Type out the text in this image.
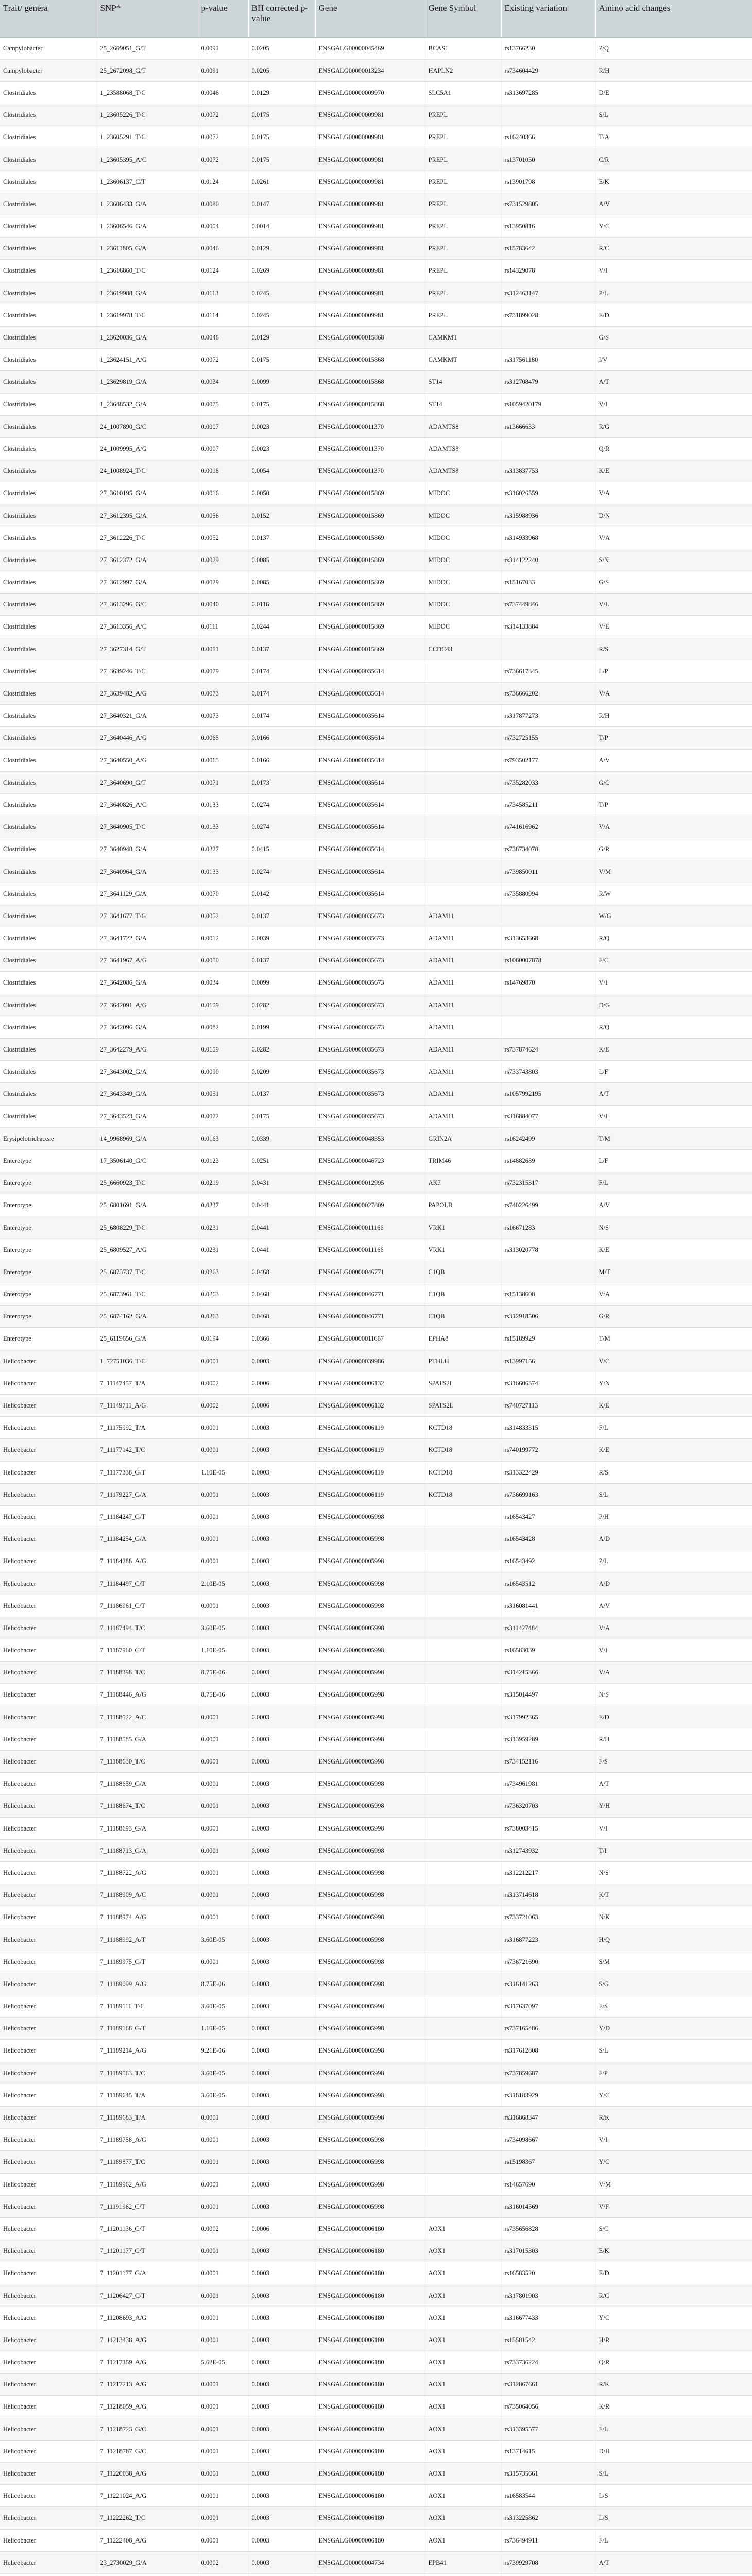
Trait/ genera	SNP*	p-value	BH corrected p-value	Gene	Gene Symbol	Existing variation	Amino acid changes
Campylobacter	25_2669051_G/T	0.0091	0.0205	ENSGALG00000045469	BCAS1	rs13766230	P/Q
Campylobacter	25_2672098_G/T	0.0091	0.0205	ENSGALG00000013234	HAPLN2	rs734604429	R/H
Clostridiales	1_23588068_T/C	0.0046	0.0129	ENSGALG00000009970	SLC5A1	rs313697285	D/E
Clostridiales	1_23605226_T/C	0.0072	0.0175	ENSGALG00000009981	PREPL		S/L
Clostridiales	1_23605291_T/C	0.0072	0.0175	ENSGALG00000009981	PREPL	rs16240366	T/A
Clostridiales	1_23605395_A/C	0.0072	0.0175	ENSGALG00000009981	PREPL	rs13701050	C/R
Clostridiales	1_23606137_C/T	0.0124	0.0261	ENSGALG00000009981	PREPL	rs13901798	E/K
Clostridiales	1_23606433_G/A	0.0080	0.0147	ENSGALG00000009981	PREPL	rs731529805	A/V
Clostridiales	1_23606546_G/A	0.0004	0.0014	ENSGALG00000009981	PREPL	rs13950816	Y/C
Clostridiales	1_23611805_G/A	0.0046	0.0129	ENSGALG00000009981	PREPL	rs15783642	R/C
Clostridiales	1_23616860_T/C	0.0124	0.0269	ENSGALG00000009981	PREPL	rs14329078	V/I
Clostridiales	1_23619988_G/A	0.0113	0.0245	ENSGALG00000009981	PREPL	rs312463147	P/L
Clostridiales	1_23619978_T/C	0.0114	0.0245	ENSGALG00000009981	PREPL	rs731899028	E/D
Clostridiales	1_23620036_G/A	0.0046	0.0129	ENSGALG00000015868	CAMKMT		G/S
Clostridiales	1_23624151_A/G	0.0072	0.0175	ENSGALG00000015868	CAMKMT	rs317561180	I/V
Clostridiales	1_23629819_G/A	0.0034	0.0099	ENSGALG00000015868	ST14	rs312708479	A/T
Clostridiales	1_23648532_G/A	0.0075	0.0175	ENSGALG00000015868	ST14	rs1059420179	V/I
Clostridiales	24_1007890_G/C	0.0007	0.0023	ENSGALG00000011370	ADAMTS8	rs13666633	R/G
Clostridiales	24_1009995_A/G	0.0007	0.0023	ENSGALG00000011370	ADAMTS8		Q/R
Clostridiales	24_1008924_T/C	0.0018	0.0054	ENSGALG00000011370	ADAMTS8	rs313837753	K/E
Clostridiales	27_3610195_G/A	0.0016	0.0050	ENSGALG00000015869	MIDOC	rs316026559	V/A
Clostridiales	27_3612395_G/A	0.0056	0.0152	ENSGALG00000015869	MIDOC	rs315988936	D/N
Clostridiales	27_3612226_T/C	0.0052	0.0137	ENSGALG00000015869	MIDOC	rs314933968	V/A
Clostridiales	27_3612372_G/A	0.0029	0.0085	ENSGALG00000015869	MIDOC	rs314122240	S/N
Clostridiales	27_3612997_G/A	0.0029	0.0085	ENSGALG00000015869	MIDOC	rs15167033	G/S
Clostridiales	27_3613296_G/C	0.0040	0.0116	ENSGALG00000015869	MIDOC	rs737449846	V/L
Clostridiales	27_3613356_A/C	0.0111	0.0244	ENSGALG00000015869	MIDOC	rs314133884	V/E
Clostridiales	27_3627314_G/T	0.0051	0.0137	ENSGALG00000015869	CCDC43		R/S
Clostridiales	27_3639246_T/C	0.0079	0.0174	ENSGALG00000035614		rs736617345	L/P
Clostridiales	27_3639482_A/G	0.0073	0.0174	ENSGALG00000035614		rs736666202	V/A
Clostridiales	27_3640321_G/A	0.0073	0.0174	ENSGALG00000035614		rs317877273	R/H
Clostridiales	27_3640446_A/G	0.0065	0.0166	ENSGALG00000035614		rs732725155	T/P
Clostridiales	27_3640550_A/G	0.0065	0.0166	ENSGALG00000035614		rs793502177	A/V
Clostridiales	27_3640690_G/T	0.0071	0.0173	ENSGALG00000035614		rs735282033	G/C
Clostridiales	27_3640826_A/C	0.0133	0.0274	ENSGALG00000035614		rs734585211	T/P
Clostridiales	27_3640905_T/C	0.0133	0.0274	ENSGALG00000035614		rs741616962	V/A
Clostridiales	27_3640948_G/A	0.0227	0.0415	ENSGALG00000035614		rs738734078	G/R
Clostridiales	27_3640964_G/A	0.0133	0.0274	ENSGALG00000035614		rs739850011	V/M
Clostridiales	27_3641129_G/A	0.0070	0.0142	ENSGALG00000035614		rs735880994	R/W
Clostridiales	27_3641677_T/G	0.0052	0.0137	ENSGALG00000035673	ADAM11		W/G
Clostridiales	27_3641722_G/A	0.0012	0.0039	ENSGALG00000035673	ADAM11	rs313653668	R/Q
Clostridiales	27_3641967_A/G	0.0050	0.0137	ENSGALG00000035673	ADAM11	rs1060007878	F/C
Clostridiales	27_3642086_G/A	0.0034	0.0099	ENSGALG00000035673	ADAM11	rs14769870	V/I
Clostridiales	27_3642091_A/G	0.0159	0.0282	ENSGALG00000035673	ADAM11		D/G
Clostridiales	27_3642096_G/A	0.0082	0.0199	ENSGALG00000035673	ADAM11		R/Q
Clostridiales	27_3642279_A/G	0.0159	0.0282	ENSGALG00000035673	ADAM11	rs737874624	K/E
Clostridiales	27_3643002_G/A	0.0090	0.0209	ENSGALG00000035673	ADAM11	rs733743803	L/F
Clostridiales	27_3643349_G/A	0.0051	0.0137	ENSGALG00000035673	ADAM11	rs1057992195	A/T
Clostridiales	27_3643523_G/A	0.0072	0.0175	ENSGALG00000035673	ADAM11	rs316884077	V/I
Erysipelotrichaceae	14_9968969_G/A	0.0163	0.0339	ENSGALG00000048353	GRIN2A	rs16242499	T/M
Enterotype	17_3506140_G/C	0.0123	0.0251	ENSGALG00000046723	TRIM46	rs14882689	L/F
Enterotype	25_6660923_T/C	0.0219	0.0431	ENSGALG00000012995	AK7	rs732315317	F/L
Enterotype	25_6801691_G/A	0.0237	0.0441	ENSGALG00000027809	PAPOLB	rs740226499	A/V
Enterotype	25_6808229_T/C	0.0231	0.0441	ENSGALG00000011166	VRK1	rs16671283	N/S
Enterotype	25_6809527_A/G	0.0231	0.0441	ENSGALG00000011166	VRK1	rs313020778	K/E
Enterotype	25_6873737_T/C	0.0263	0.0468	ENSGALG00000046771	C1QB		M/T
Enterotype	25_6873961_T/C	0.0263	0.0468	ENSGALG00000046771	C1QB	rs15138608	V/A
Enterotype	25_6874162_G/A	0.0263	0.0468	ENSGALG00000046771	C1QB	rs312918506	G/R
Enterotype	25_6119656_G/A	0.0194	0.0366	ENSGALG00000011667	EPHA8	rs15189929	T/M
Helicobacter	1_72751036_T/C	0.0001	0.0003	ENSGALG00000039986	PTHLH	rs13997156	V/C
Helicobacter	7_11147457_T/A	0.0002	0.0006	ENSGALG00000006132	SPATS2L	rs316606574	Y/N
Helicobacter	7_11149711_A/G	0.0002	0.0006	ENSGALG00000006132	SPATS2L	rs740727113	K/E
Helicobacter	7_11175992_T/A	0.0001	0.0003	ENSGALG00000006119	KCTD18	rs314833315	F/L
Helicobacter	7_11177142_T/C	0.0001	0.0003	ENSGALG00000006119	KCTD18	rs740199772	K/E
Helicobacter	7_11177338_G/T	1.10E-05	0.0003	ENSGALG00000006119	KCTD18	rs313322429	R/S
Helicobacter	7_11179227_G/A	0.0001	0.0003	ENSGALG00000006119	KCTD18	rs736699163	S/L
Helicobacter	7_11184247_G/T	0.0001	0.0003	ENSGALG00000005998		rs16543427	P/H
Helicobacter	7_11184254_G/A	0.0001	0.0003	ENSGALG00000005998		rs16543428	A/D
Helicobacter	7_11184288_A/G	0.0001	0.0003	ENSGALG00000005998		rs16543492	P/L
Helicobacter	7_11184497_C/T	2.10E-05	0.0003	ENSGALG00000005998		rs16543512	A/D
Helicobacter	7_11186961_C/T	0.0001	0.0003	ENSGALG00000005998		rs316081441	A/V
Helicobacter	7_11187494_T/C	3.60E-05	0.0003	ENSGALG00000005998		rs311427484	V/A
Helicobacter	7_11187960_C/T	1.10E-05	0.0003	ENSGALG00000005998		rs16583039	V/I
Helicobacter	7_11188398_T/C	8.75E-06	0.0003	ENSGALG00000005998		rs314215366	V/A
Helicobacter	7_11188446_A/G	8.75E-06	0.0003	ENSGALG00000005998		rs315014497	N/S
Helicobacter	7_11188522_A/C	0.0001	0.0003	ENSGALG00000005998		rs317992365	E/D
Helicobacter	7_11188585_G/A	0.0001	0.0003	ENSGALG00000005998		rs313959289	R/H
Helicobacter	7_11188630_T/C	0.0001	0.0003	ENSGALG00000005998		rs734152116	F/S
Helicobacter	7_11188659_G/A	0.0001	0.0003	ENSGALG00000005998		rs734961981	A/T
Helicobacter	7_11188674_T/C	0.0001	0.0003	ENSGALG00000005998		rs736320703	Y/H
Helicobacter	7_11188693_G/A	0.0001	0.0003	ENSGALG00000005998		rs738003415	V/I
Helicobacter	7_11188713_G/A	0.0001	0.0003	ENSGALG00000005998		rs312743932	T/I
Helicobacter	7_11188722_A/G	0.0001	0.0003	ENSGALG00000005998		rs312212217	N/S
Helicobacter	7_11188909_A/C	0.0001	0.0003	ENSGALG00000005998		rs313714618	K/T
Helicobacter	7_11188974_A/G	0.0001	0.0003	ENSGALG00000005998		rs733721063	N/K
Helicobacter	7_11188992_A/T	3.60E-05	0.0003	ENSGALG00000005998		rs316877223	H/Q
Helicobacter	7_11189975_G/T	0.0001	0.0003	ENSGALG00000005998		rs736721690	S/M
Helicobacter	7_11189099_A/G	8.75E-06	0.0003	ENSGALG00000005998		rs316141263	S/G
Helicobacter	7_11189111_T/C	3.60E-05	0.0003	ENSGALG00000005998		rs317637097	F/S
Helicobacter	7_11189168_G/T	1.10E-05	0.0003	ENSGALG00000005998		rs737165486	Y/D
Helicobacter	7_11189214_A/G	9.21E-06	0.0003	ENSGALG00000005998		rs317612808	S/L
Helicobacter	7_11189563_T/C	3.60E-05	0.0003	ENSGALG00000005998		rs737859687	F/P
Helicobacter	7_11189645_T/A	3.60E-05	0.0003	ENSGALG00000005998		rs318183929	Y/C
Helicobacter	7_11189683_T/A	0.0001	0.0003	ENSGALG00000005998		rs316868347	R/K
Helicobacter	7_11189758_A/G	0.0001	0.0003	ENSGALG00000005998		rs734098667	V/I
Helicobacter	7_11189877_T/C	0.0001	0.0003	ENSGALG00000005998		rs15198367	Y/C
Helicobacter	7_11189962_A/G	0.0001	0.0003	ENSGALG00000005998		rs14657690	V/M
Helicobacter	7_11191962_C/T	0.0001	0.0003	ENSGALG00000005998		rs316014569	V/F
Helicobacter	7_11201136_C/T	0.0002	0.0006	ENSGALG00000006180	AOX1	rs735656828	S/C
Helicobacter	7_11201177_C/T	0.0001	0.0003	ENSGALG00000006180	AOX1	rs317015303	E/K
Helicobacter	7_11201177_G/A	0.0001	0.0003	ENSGALG00000006180	AOX1	rs16583520	E/D
Helicobacter	7_11206427_C/T	0.0001	0.0003	ENSGALG00000006180	AOX1	rs317801903	R/C
Helicobacter	7_11208693_A/G	0.0001	0.0003	ENSGALG00000006180	AOX1	rs316677433	Y/C
Helicobacter	7_11213438_A/G	0.0001	0.0003	ENSGALG00000006180	AOX1	rs15581542	H/R
Helicobacter	7_11217159_A/G	5.62E-05	0.0003	ENSGALG00000006180	AOX1	rs733736224	Q/R
Helicobacter	7_11217213_A/G	0.0001	0.0003	ENSGALG00000006180	AOX1	rs312867661	R/K
Helicobacter	7_11218059_A/G	0.0001	0.0003	ENSGALG00000006180	AOX1	rs735064056	K/R
Helicobacter	7_11218723_G/C	0.0001	0.0003	ENSGALG00000006180	AOX1	rs313395577	F/L
Helicobacter	7_11218787_G/C	0.0001	0.0003	ENSGALG00000006180	AOX1	rs13714615	D/H
Helicobacter	7_11220038_A/G	0.0001	0.0003	ENSGALG00000006180	AOX1	rs315735661	S/L
Helicobacter	7_11221024_A/G	0.0001	0.0003	ENSGALG00000006180	AOX1	rs16583544	L/S
Helicobacter	7_11222262_T/C	0.0001	0.0003	ENSGALG00000006180	AOX1	rs313225862	L/S
Helicobacter	7_11222408_A/G	0.0001	0.0003	ENSGALG00000006180	AOX1	rs736494911	F/L
Helicobacter	23_2730029_G/A	0.0002	0.0003	ENSGALG00000004734	EPB41	rs739929708	A/T
